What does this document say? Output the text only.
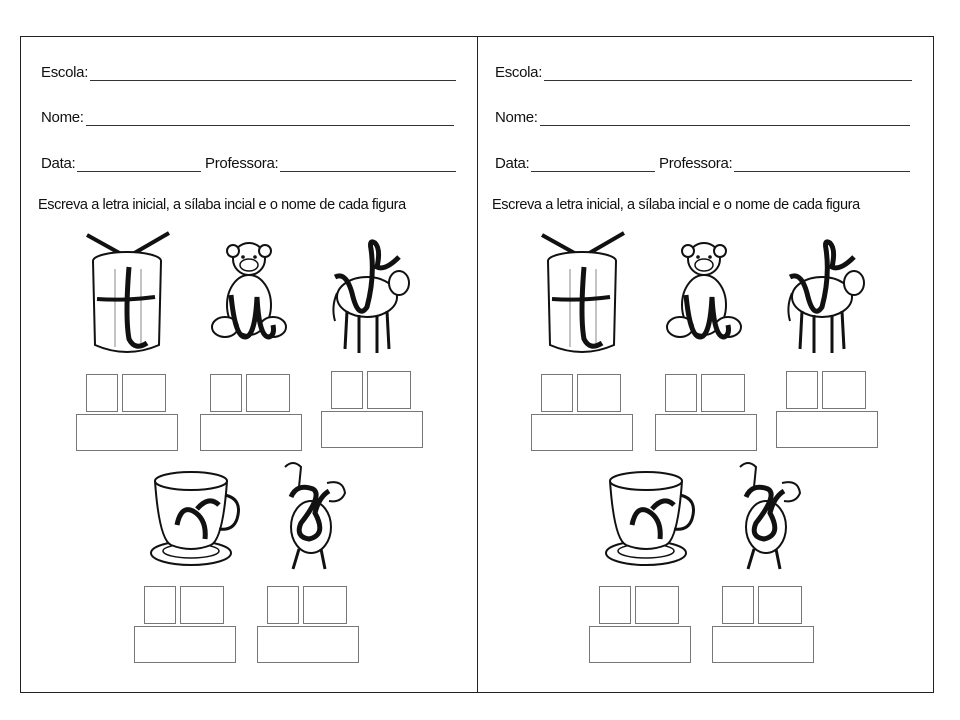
Escola:
Nome:
Data:	Professora:
Escreva a letra inicial, a sílaba incial e o nome de cada figura
Escola:
Nome:
Data:	Professora:
Escreva a letra inicial, a sílaba incial e o nome de cada figura
